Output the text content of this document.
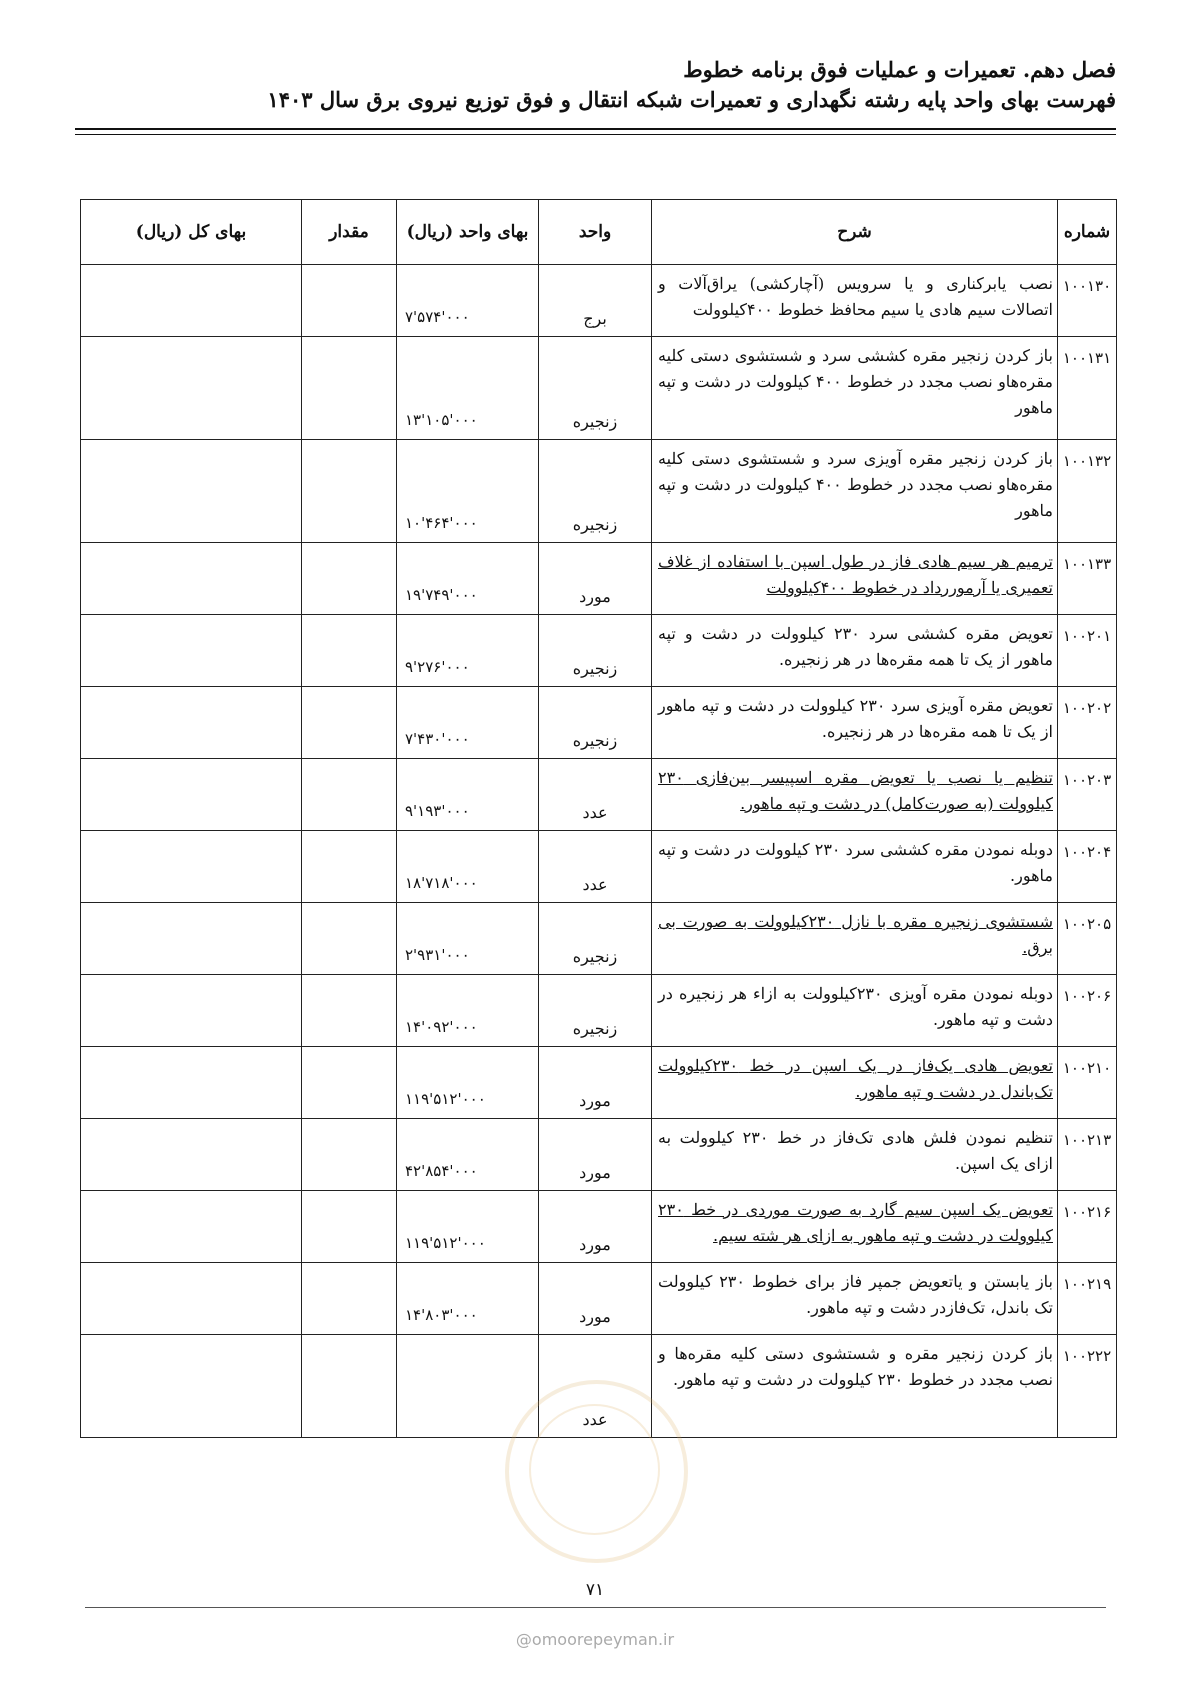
فصل دهم. تعمیرات و عملیات فوق برنامه خطوط
فهرست بهای واحد پایه رشته نگهداری و تعمیرات شبکه انتقال و فوق توزیع نیروی برق سال ۱۴۰۳
شماره	شرح	واحد	بهای واحد (ریال)	مقدار	بهای کل (ریال)
۱۰۰۱۳۰	نصب یابرکناری و یا سرویس (آچارکشی) یراق‌آلات و اتصالات سیم هادی یا سیم محافظ خطوط ۴۰۰کیلوولت	برج	۷'۵۷۴'۰۰۰		
۱۰۰۱۳۱	باز کردن زنجیر مقره کششی سرد و شستشوی دستی کلیه مقره‌هاو نصب مجدد در خطوط ۴۰۰ کیلوولت در دشت و تپه ماهور	زنجیره	۱۳'۱۰۵'۰۰۰		
۱۰۰۱۳۲	باز کردن زنجیر مقره آویزی سرد و شستشوی دستی کلیه مقره‌هاو نصب مجدد در خطوط ۴۰۰ کیلوولت در دشت و تپه ماهور	زنجیره	۱۰'۴۶۴'۰۰۰		
۱۰۰۱۳۳	ترمیم هر سیم هادی فاز در طول اسپن با استفاده از غلاف تعمیری یا آرموررداد در خطوط ۴۰۰کیلوولت	مورد	۱۹'۷۴۹'۰۰۰		
۱۰۰۲۰۱	تعویض مقره کششی سرد ۲۳۰ کیلوولت در دشت و تپه ماهور از یک تا همه مقره‌ها در هر زنجیره.	زنجیره	۹'۲۷۶'۰۰۰		
۱۰۰۲۰۲	تعویض مقره آویزی سرد ۲۳۰ کیلوولت در دشت و تپه ماهور از یک تا همه مقره‌ها در هر زنجیره.	زنجیره	۷'۴۳۰'۰۰۰		
۱۰۰۲۰۳	تنظیم یا نصب یا تعویض مقره اسپیسر بین‌فازی ۲۳۰ کیلوولت (به صورت‌کامل) در دشت و تپه ماهور.	عدد	۹'۱۹۳'۰۰۰		
۱۰۰۲۰۴	دوبله نمودن مقره کششی سرد ۲۳۰ کیلوولت در دشت و تپه ماهور.	عدد	۱۸'۷۱۸'۰۰۰		
۱۰۰۲۰۵	شستشوی زنجیره مقره با نازل ۲۳۰کیلوولت به صورت بی برق.	زنجیره	۲'۹۳۱'۰۰۰		
۱۰۰۲۰۶	دوبله نمودن مقره آویزی ۲۳۰کیلوولت به ازاء هر زنجیره در دشت و تپه ماهور.	زنجیره	۱۴'۰۹۲'۰۰۰		
۱۰۰۲۱۰	تعویض هادی یک‌فاز در یک اسپن در خط ۲۳۰کیلوولت تک‌باندل در دشت و تپه ماهور.	مورد	۱۱۹'۵۱۲'۰۰۰		
۱۰۰۲۱۳	تنظیم نمودن فلش هادی تک‌فاز در خط ۲۳۰ کیلوولت به ازای یک اسپن.	مورد	۴۲'۸۵۴'۰۰۰		
۱۰۰۲۱۶	تعویض یک اسپن سیم گارد به صورت موردی در خط ۲۳۰ کیلوولت در دشت و تپه ماهور به ازای هر شته سیم.	مورد	۱۱۹'۵۱۲'۰۰۰		
۱۰۰۲۱۹	باز یابستن و یاتعویض جمپر فاز برای خطوط ۲۳۰ کیلوولت تک باندل، تک‌فازدر دشت و تپه ماهور.	مورد	۱۴'۸۰۳'۰۰۰		
۱۰۰۲۲۲	باز کردن زنجیر مقره و شستشوی دستی کلیه مقره‌ها و نصب مجدد در خطوط ۲۳۰ کیلوولت در دشت و تپه ماهور.	عدد			
۷۱
@omoorepeyman.ir
